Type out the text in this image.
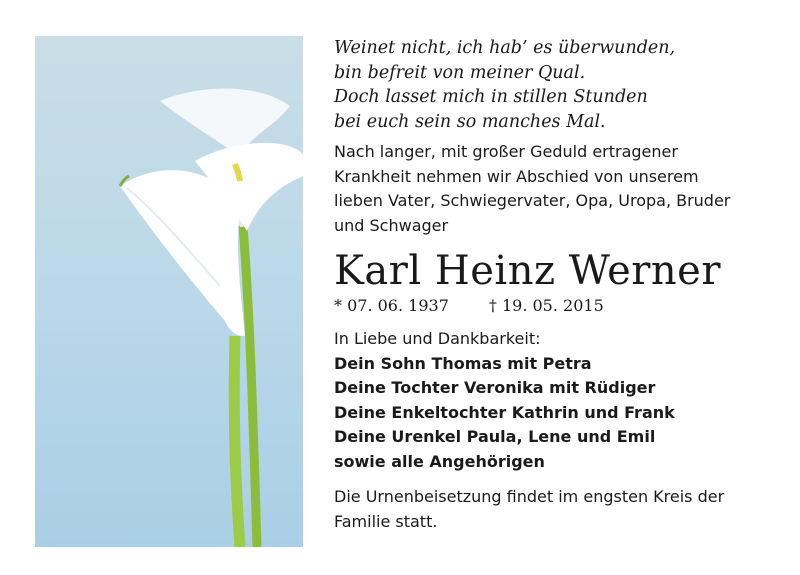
Weinet nicht, ich hab’ es überwunden,

bin befreit von meiner Qual.

Doch lasset mich in stillen Stunden

bei euch sein so manches Mal.

Nach langer, mit großer Geduld ertragener

Krankheit nehmen wir Abschied von unserem

lieben Vater, Schwiegervater, Opa, Uropa, Bruder

und Schwager

Karl Heinz Werner
* 07. 06. 1937	† 19. 05. 2015

In Liebe und Dankbarkeit:

Dein Sohn Thomas mit Petra

Deine Tochter Veronika mit Rüdiger

Deine Enkeltochter Kathrin und Frank

Deine Urenkel Paula, Lene und Emil

sowie alle Angehörigen

Die Urnenbeisetzung findet im engsten Kreis der

Familie statt.
